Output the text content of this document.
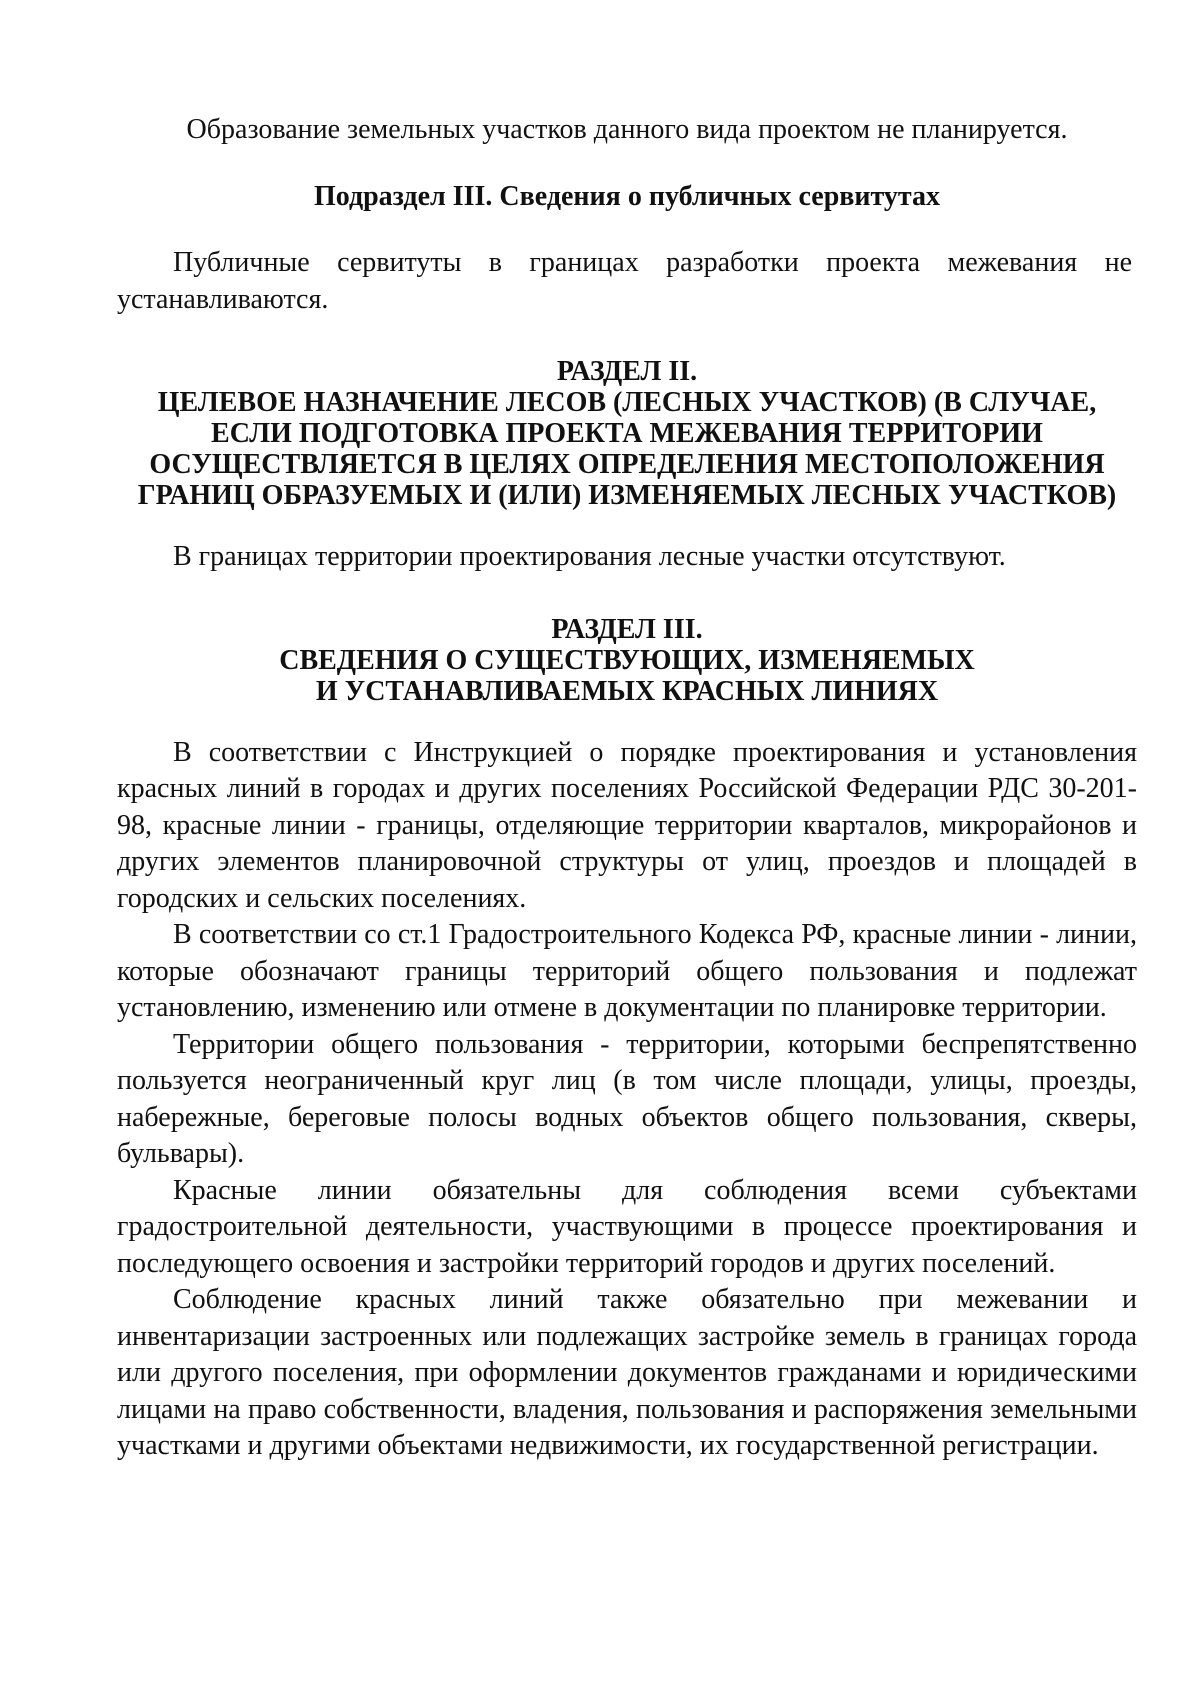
Образование земельных участков данного вида проектом не планируется.

Подраздел III. Сведения о публичных сервитутах

Публичные сервитуты в границах разработки проекта межевания не устанавливаются.

РАЗДЕЛ II.
ЦЕЛЕВОЕ НАЗНАЧЕНИЕ ЛЕСОВ (ЛЕСНЫХ УЧАСТКОВ) (В СЛУЧАЕ,
ЕСЛИ ПОДГОТОВКА ПРОЕКТА МЕЖЕВАНИЯ ТЕРРИТОРИИ
ОСУЩЕСТВЛЯЕТСЯ В ЦЕЛЯХ ОПРЕДЕЛЕНИЯ МЕСТОПОЛОЖЕНИЯ
ГРАНИЦ ОБРАЗУЕМЫХ И (ИЛИ) ИЗМЕНЯЕМЫХ ЛЕСНЫХ УЧАСТКОВ)

В границах территории проектирования лесные участки отсутствуют.

РАЗДЕЛ III.
СВЕДЕНИЯ О СУЩЕСТВУЮЩИХ, ИЗМЕНЯЕМЫХ
И УСТАНАВЛИВАЕМЫХ КРАСНЫХ ЛИНИЯХ

В соответствии с Инструкцией о порядке проектирования и установления красных линий в городах и других поселениях Российской Федерации РДС 30-201-98, красные линии - границы, отделяющие территории кварталов, микрорайонов и других элементов планировочной структуры от улиц, проездов и площадей в городских и сельских поселениях.

В соответствии со ст.1 Градостроительного Кодекса РФ, красные линии - линии, которые обозначают границы территорий общего пользования и подлежат установлению, изменению или отмене в документации по планировке территории.

Территории общего пользования - территории, которыми беспрепятственно пользуется неограниченный круг лиц (в том числе площади, улицы, проезды, набережные, береговые полосы водных объектов общего пользования, скверы, бульвары).

Красные линии обязательны для соблюдения всеми субъектами градостроительной деятельности, участвующими в процессе проектирования и последующего освоения и застройки территорий городов и других поселений.

Соблюдение красных линий также обязательно при межевании и инвентаризации застроенных или подлежащих застройке земель в границах города или другого поселения, при оформлении документов гражданами и юридическими лицами на право собственности, владения, пользования и распоряжения земельными участками и другими объектами недвижимости, их государственной регистрации.
